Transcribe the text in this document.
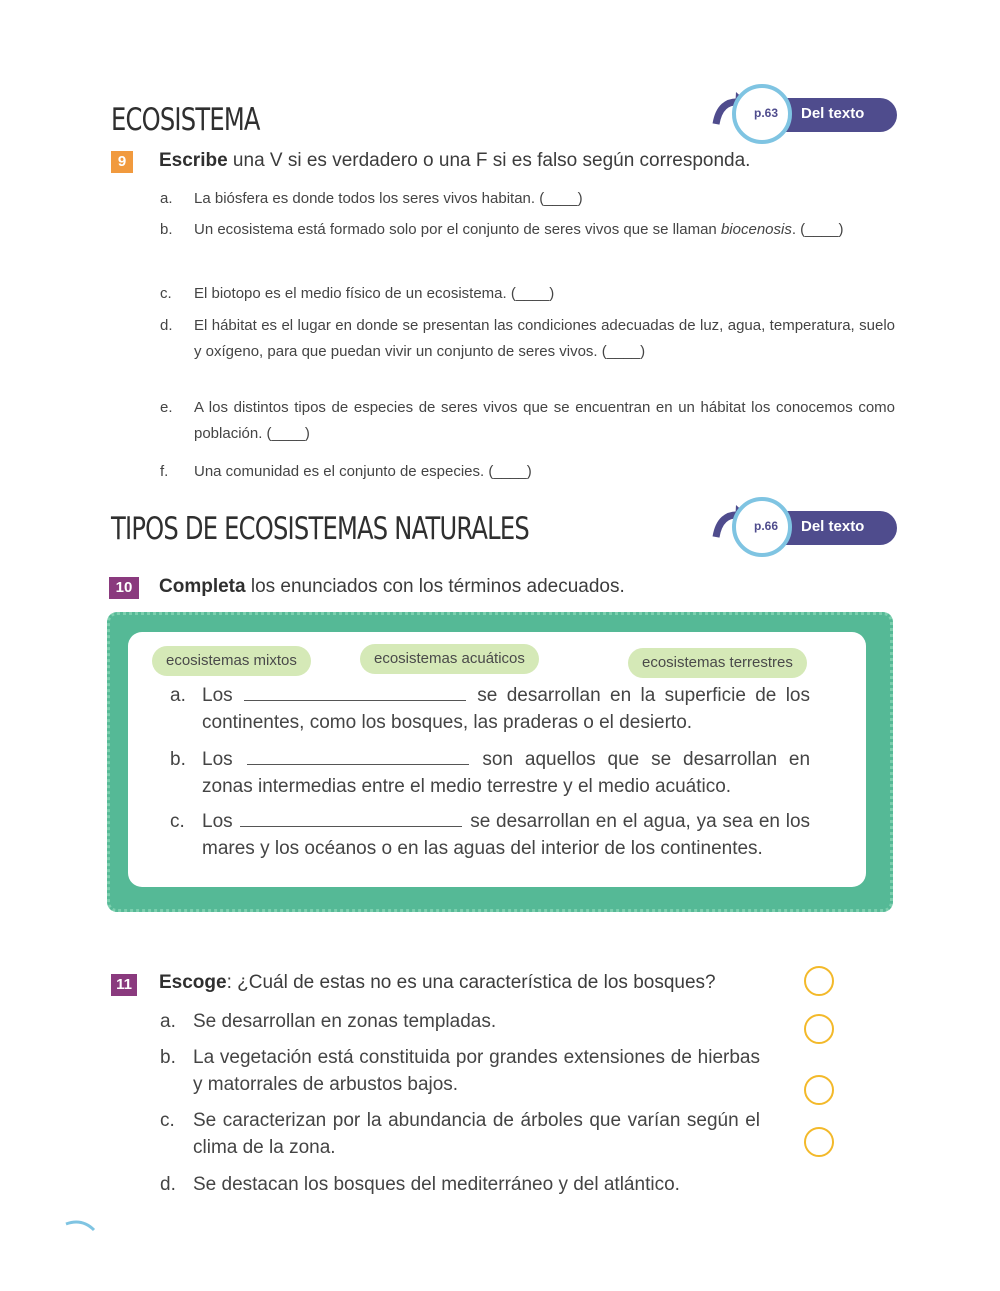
ECOSISTEMA	Del texto
p.63
9	Escribe una V si es verdadero o una F si es falso según corresponda.
a.	La biósfera es donde todos los seres vivos habitan. (____)
b.	Un ecosistema está formado solo por el conjunto de seres vivos que se llaman biocenosis. (____)
c.	El biotopo es el medio físico de un ecosistema. (____)
d.	El hábitat es el lugar en donde se presentan las condiciones adecuadas de luz, agua, temperatura, suelo y oxígeno, para que puedan vivir un conjunto de seres vivos. (____)
e.	A los distintos tipos de especies de seres vivos que se encuentran en un hábitat los conocemos como población. (____)
f.	Una comunidad es el conjunto de especies. (____)
TIPOS DE ECOSISTEMAS NATURALES	Del texto
p.66
10	Completa los enunciados con los términos adecuados.
ecosistemas mixtos	ecosistemas acuáticos	ecosistemas terrestres
a. Los	se desarrollan en la superficie de los continentes, como los bosques, las praderas o el desierto.
b. Los	son aquellos que se desarrollan en zonas intermedias entre el medio terrestre y el medio acuático.
c. Los	se desarrollan en el agua, ya sea en los mares y los océanos o en las aguas del interior de los continentes.
11 Escoge: ¿Cuál de estas no es una característica de los bosques?
a. Se desarrollan en zonas templadas.
b. La vegetación está constituida por grandes extensiones de hierbas y matorrales de arbustos bajos.
c. Se caracterizan por la abundancia de árboles que varían según el clima de la zona.
d. Se destacan los bosques del mediterráneo y del atlántico.
